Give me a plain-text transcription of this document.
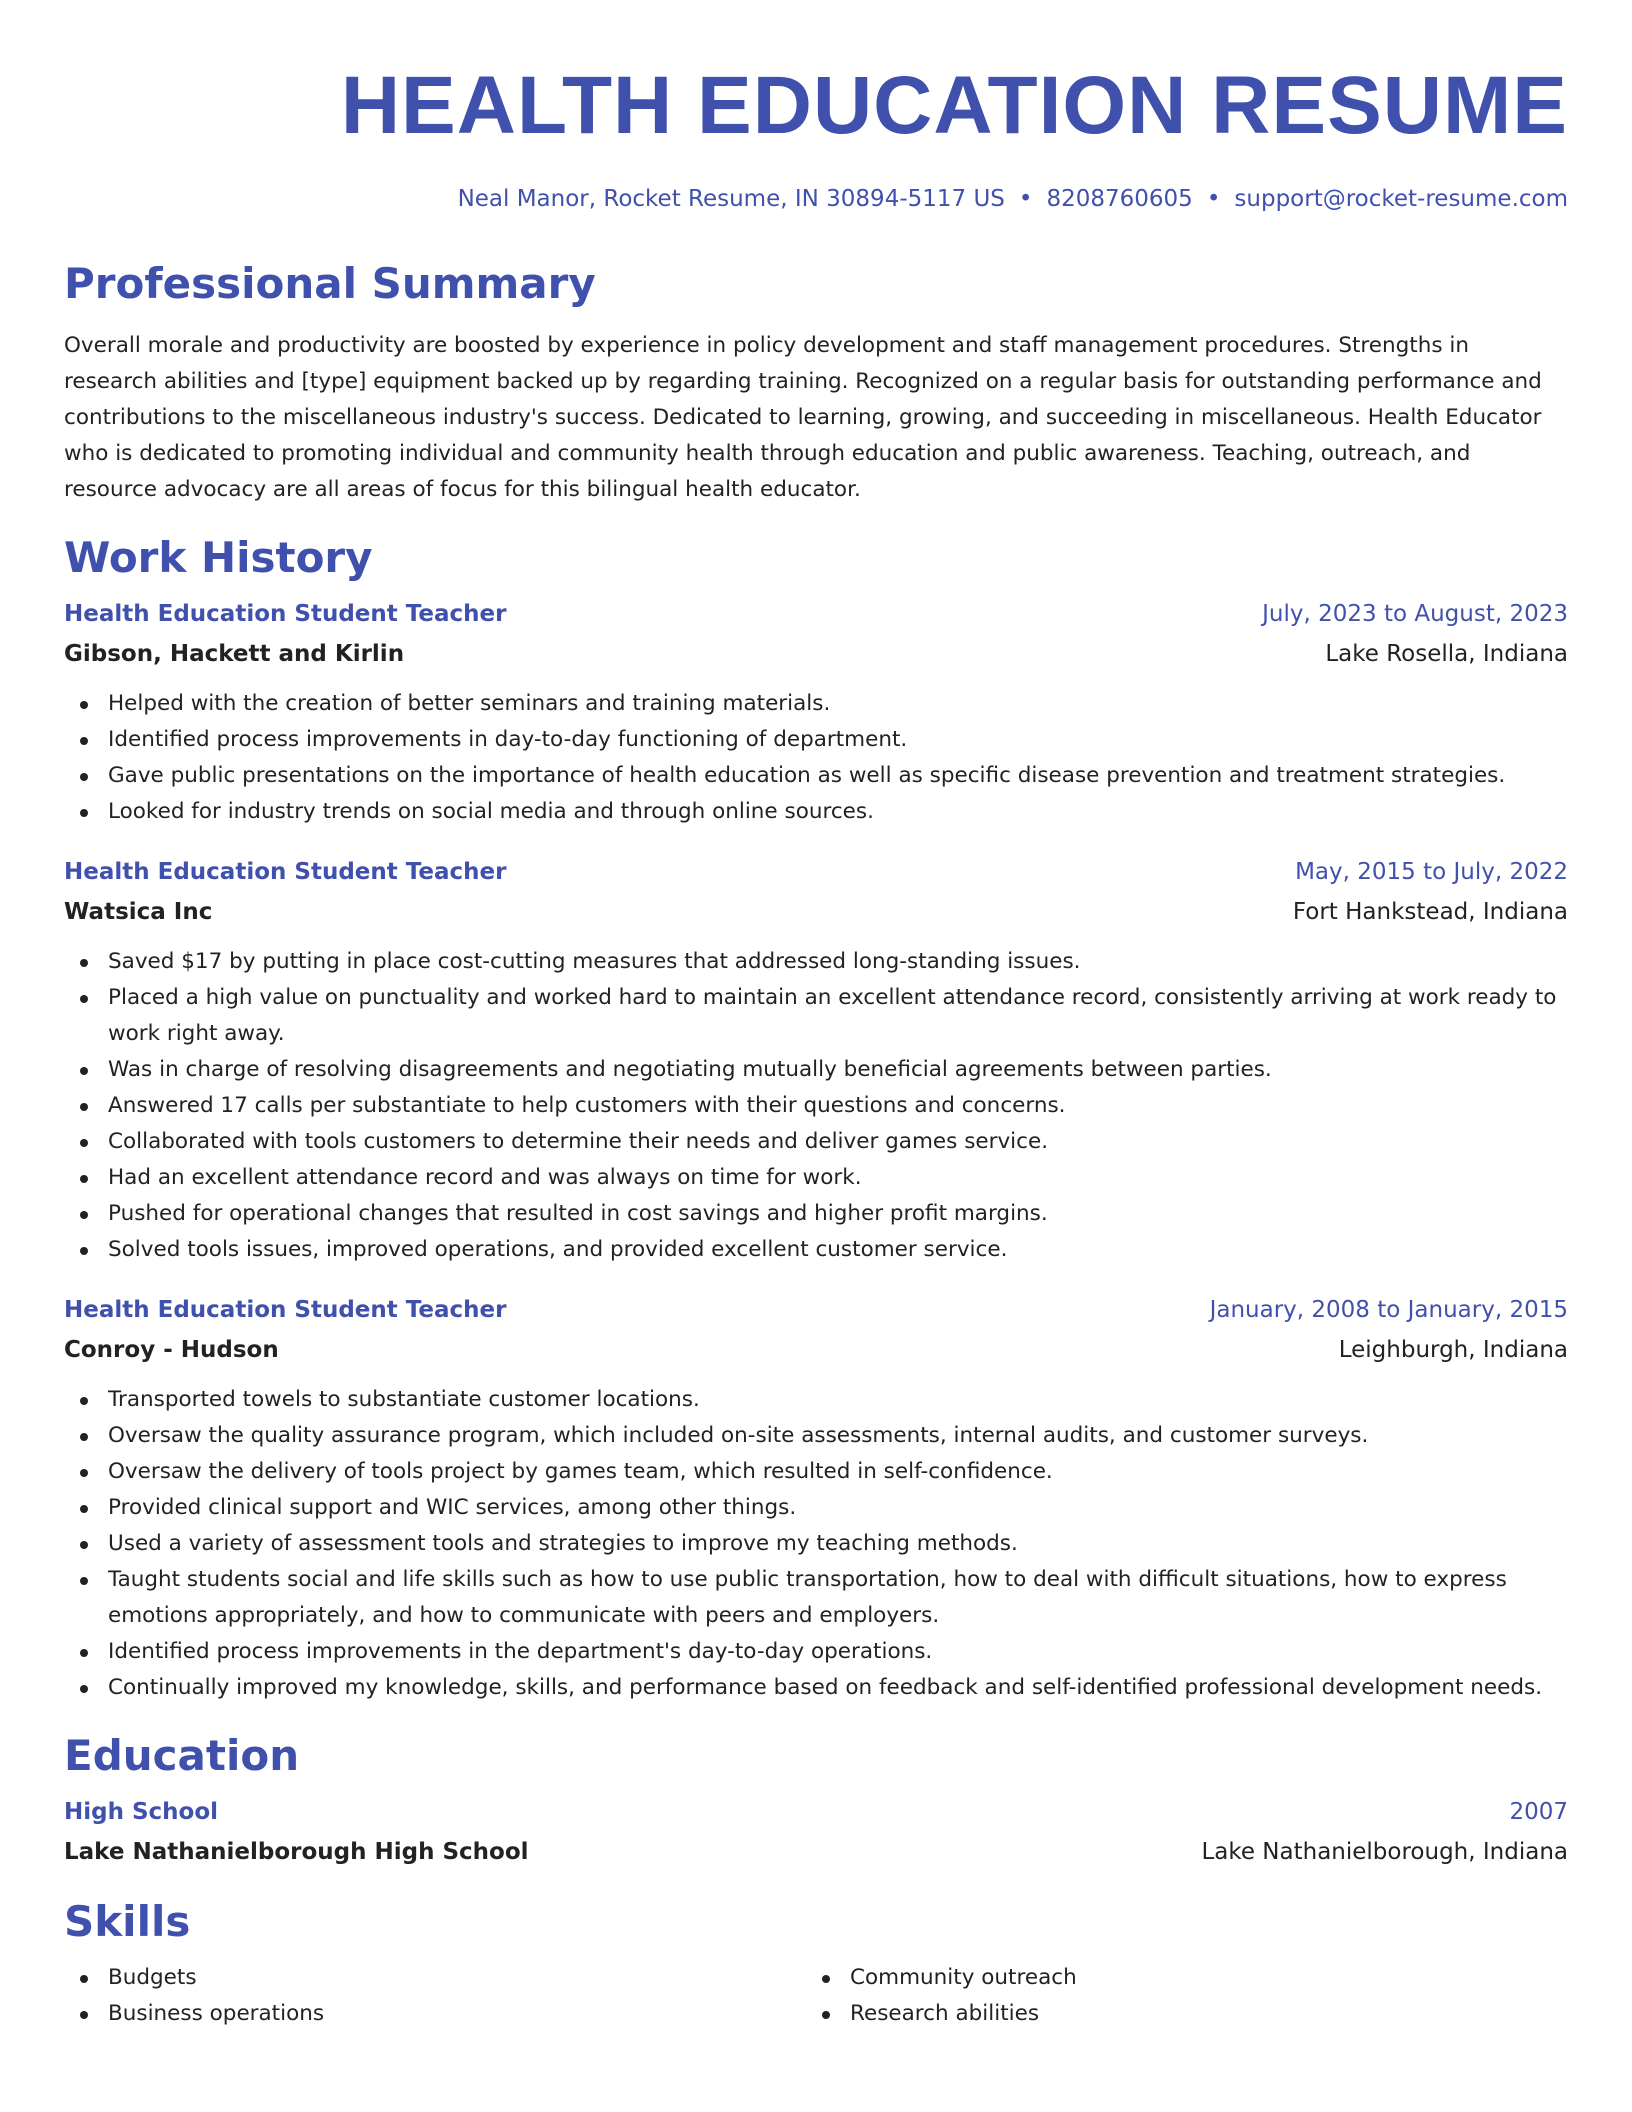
HEALTH EDUCATION RESUME
Neal Manor, Rocket Resume, IN 30894-5117 US • 8208760605 • support@rocket-resume.com
Professional Summary

Overall morale and productivity are boosted by experience in policy development and staff management procedures. Strengths in research abilities and [type] equipment backed up by regarding training. Recognized on a regular basis for outstanding performance and contributions to the miscellaneous industry's success. Dedicated to learning, growing, and succeeding in miscellaneous. Health Educator who is dedicated to promoting individual and community health through education and public awareness. Teaching, outreach, and resource advocacy are all areas of focus for this bilingual health educator.

Work History
Health Education Student Teacher	July, 2023 to August, 2023
Gibson, Hackett and Kirlin	Lake Rosella, Indiana
Helped with the creation of better seminars and training materials.
Identified process improvements in day-to-day functioning of department.
Gave public presentations on the importance of health education as well as specific disease prevention and treatment strategies.
Looked for industry trends on social media and through online sources.
Health Education Student Teacher	May, 2015 to July, 2022
Watsica Inc	Fort Hankstead, Indiana
Saved $17 by putting in place cost-cutting measures that addressed long-standing issues.
Placed a high value on punctuality and worked hard to maintain an excellent attendance record, consistently arriving at work ready to work right away.
Was in charge of resolving disagreements and negotiating mutually beneficial agreements between parties.
Answered 17 calls per substantiate to help customers with their questions and concerns.
Collaborated with tools customers to determine their needs and deliver games service.
Had an excellent attendance record and was always on time for work.
Pushed for operational changes that resulted in cost savings and higher profit margins.
Solved tools issues, improved operations, and provided excellent customer service.
Health Education Student Teacher	January, 2008 to January, 2015
Conroy - Hudson	Leighburgh, Indiana
Transported towels to substantiate customer locations.
Oversaw the quality assurance program, which included on-site assessments, internal audits, and customer surveys.
Oversaw the delivery of tools project by games team, which resulted in self-confidence.
Provided clinical support and WIC services, among other things.
Used a variety of assessment tools and strategies to improve my teaching methods.
Taught students social and life skills such as how to use public transportation, how to deal with difficult situations, how to express emotions appropriately, and how to communicate with peers and employers.
Identified process improvements in the department's day-to-day operations.
Continually improved my knowledge, skills, and performance based on feedback and self-identified professional development needs.
Education
High School	2007
Lake Nathanielborough High School	Lake Nathanielborough, Indiana
Skills
Budgets
Business operations
Community outreach
Research abilities
